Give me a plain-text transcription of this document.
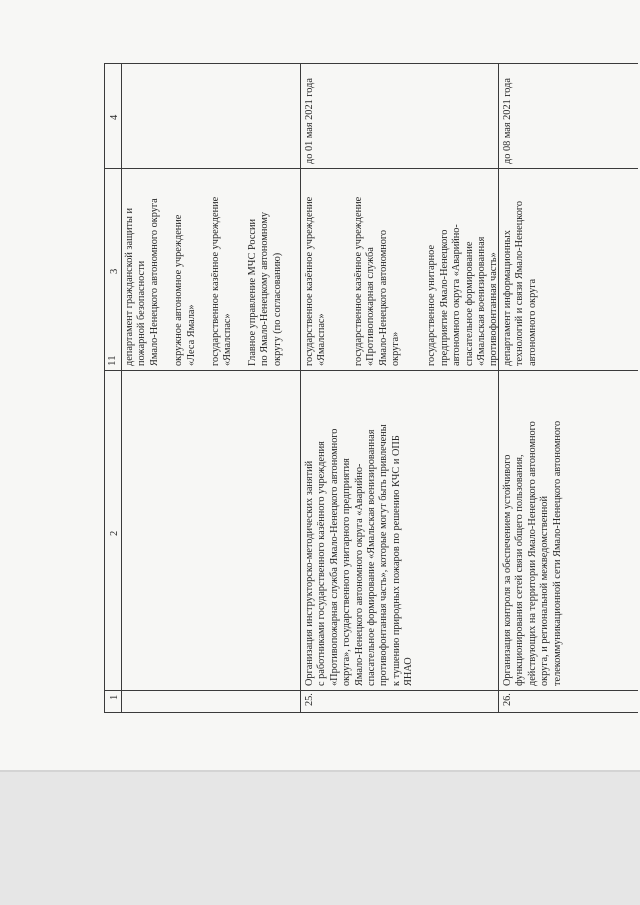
11
1
2
3
4
департамент гражданской защиты и пожарной безопасности Ямало-Ненецкого автономного округа окружное автономное учреждение «Леса Ямала» государственное казённое учреждение «Ямалспас» Главное управление МЧС России по Ямало-Ненецкому автономному округу (по согласованию)
25.
Организация инструкторско-методических занятий с работниками государственного казённого учреждения «Противопожарная служба Ямало-Ненецкого автономного округа», государственного унитарного предприятия Ямало-Ненецкого автономного округа «Аварийно- спасательное формирование «Ямальская военизированная противофонтанная часть», которые могут быть привлечены к тушению природных пожаров по решению КЧС и ОПБ ЯНАО
государственное казённое учреждение «Ямалспас» государственное казённое учреждение «Противопожарная служба Ямало-Ненецкого автономного округа» государственное унитарное предприятие Ямало-Ненецкого автономного округа «Аварийно- спасательное формирование «Ямальская военизированная противофонтанная часть»
до 01 мая 2021 года
26.
Организация контроля за обеспечением устойчивого функционирования сетей связи общего пользования, действующих на территории Ямало-Ненецкого автономного округа, и региональной межведомственной телекоммуникационной сети Ямало-Ненецкого автономного
департамент информационных технологий и связи Ямало-Ненецкого автономного округа
до 08 мая 2021 года
